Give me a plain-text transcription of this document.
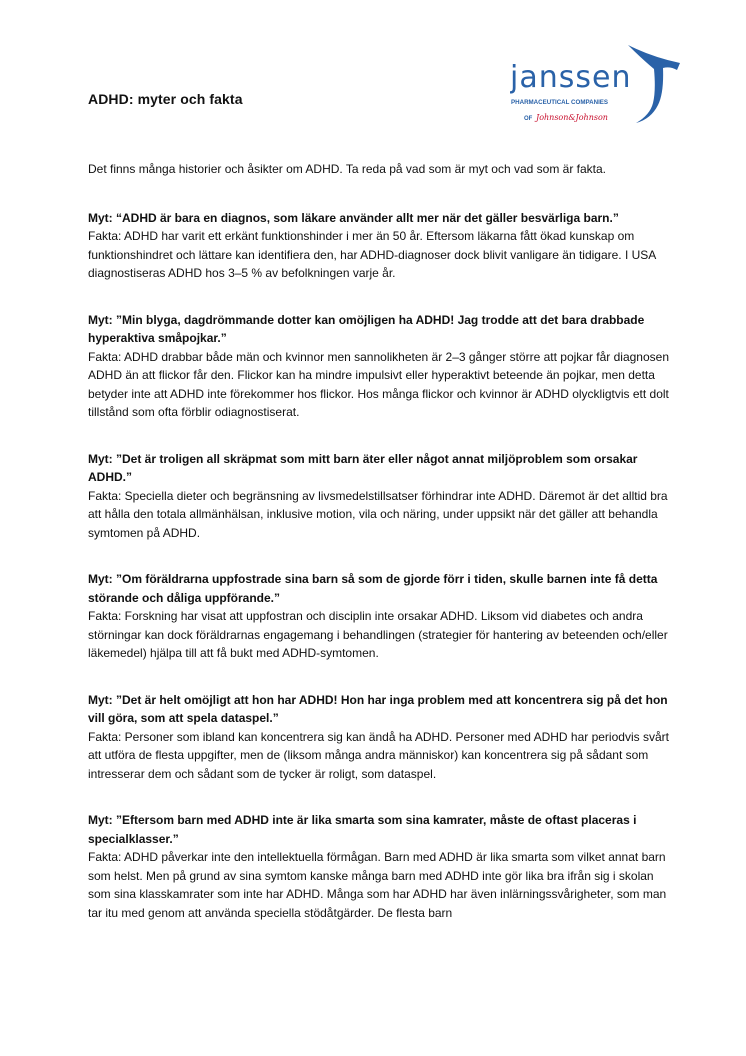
ADHD: myter och fakta
janssen
PHARMACEUTICAL COMPANIES
OF Johnson&Johnson

Det finns många historier och åsikter om ADHD. Ta reda på vad som är myt och vad som är fakta.

Myt: “ADHD är bara en diagnos, som läkare använder allt mer när det gäller besvärliga barn.”

Fakta: ADHD har varit ett erkänt funktionshinder i mer än 50 år. Eftersom läkarna fått ökad kunskap om funktionshindret och lättare kan identifiera den, har ADHD-diagnoser dock blivit vanligare än tidigare. I USA diagnostiseras ADHD hos 3–5 % av befolkningen varje år.

Myt: ”Min blyga, dagdrömmande dotter kan omöjligen ha ADHD! Jag trodde att det bara drabbade hyperaktiva småpojkar.”

Fakta: ADHD drabbar både män och kvinnor men sannolikheten är 2–3 gånger större att pojkar får diagnosen ADHD än att flickor får den. Flickor kan ha mindre impulsivt eller hyperaktivt beteende än pojkar, men detta betyder inte att ADHD inte förekommer hos flickor. Hos många flickor och kvinnor är ADHD olyckligtvis ett dolt tillstånd som ofta förblir odiagnostiserat.

Myt: ”Det är troligen all skräpmat som mitt barn äter eller något annat miljöproblem som orsakar ADHD.”

Fakta: Speciella dieter och begränsning av livsmedelstillsatser förhindrar inte ADHD. Däremot är det alltid bra att hålla den totala allmänhälsan, inklusive motion, vila och näring, under uppsikt när det gäller att behandla symtomen på ADHD.

Myt: ”Om föräldrarna uppfostrade sina barn så som de gjorde förr i tiden, skulle barnen inte få detta störande och dåliga uppförande.”

Fakta: Forskning har visat att uppfostran och disciplin inte orsakar ADHD. Liksom vid diabetes och andra störningar kan dock föräldrarnas engagemang i behandlingen (strategier för hantering av beteenden och/eller läkemedel) hjälpa till att få bukt med ADHD-symtomen.

Myt: ”Det är helt omöjligt att hon har ADHD! Hon har inga problem med att koncentrera sig på det hon vill göra, som att spela dataspel.”

Fakta: Personer som ibland kan koncentrera sig kan ändå ha ADHD. Personer med ADHD har periodvis svårt att utföra de flesta uppgifter, men de (liksom många andra människor) kan koncentrera sig på sådant som intresserar dem och sådant som de tycker är roligt, som dataspel.

Myt: ”Eftersom barn med ADHD inte är lika smarta som sina kamrater, måste de oftast placeras i specialklasser.”

Fakta: ADHD påverkar inte den intellektuella förmågan. Barn med ADHD är lika smarta som vilket annat barn som helst. Men på grund av sina symtom kanske många barn med ADHD inte gör lika bra ifrån sig i skolan som sina klasskamrater som inte har ADHD. Många som har ADHD har även inlärningssvårigheter, som man tar itu med genom att använda speciella stödåtgärder. De flesta barn
